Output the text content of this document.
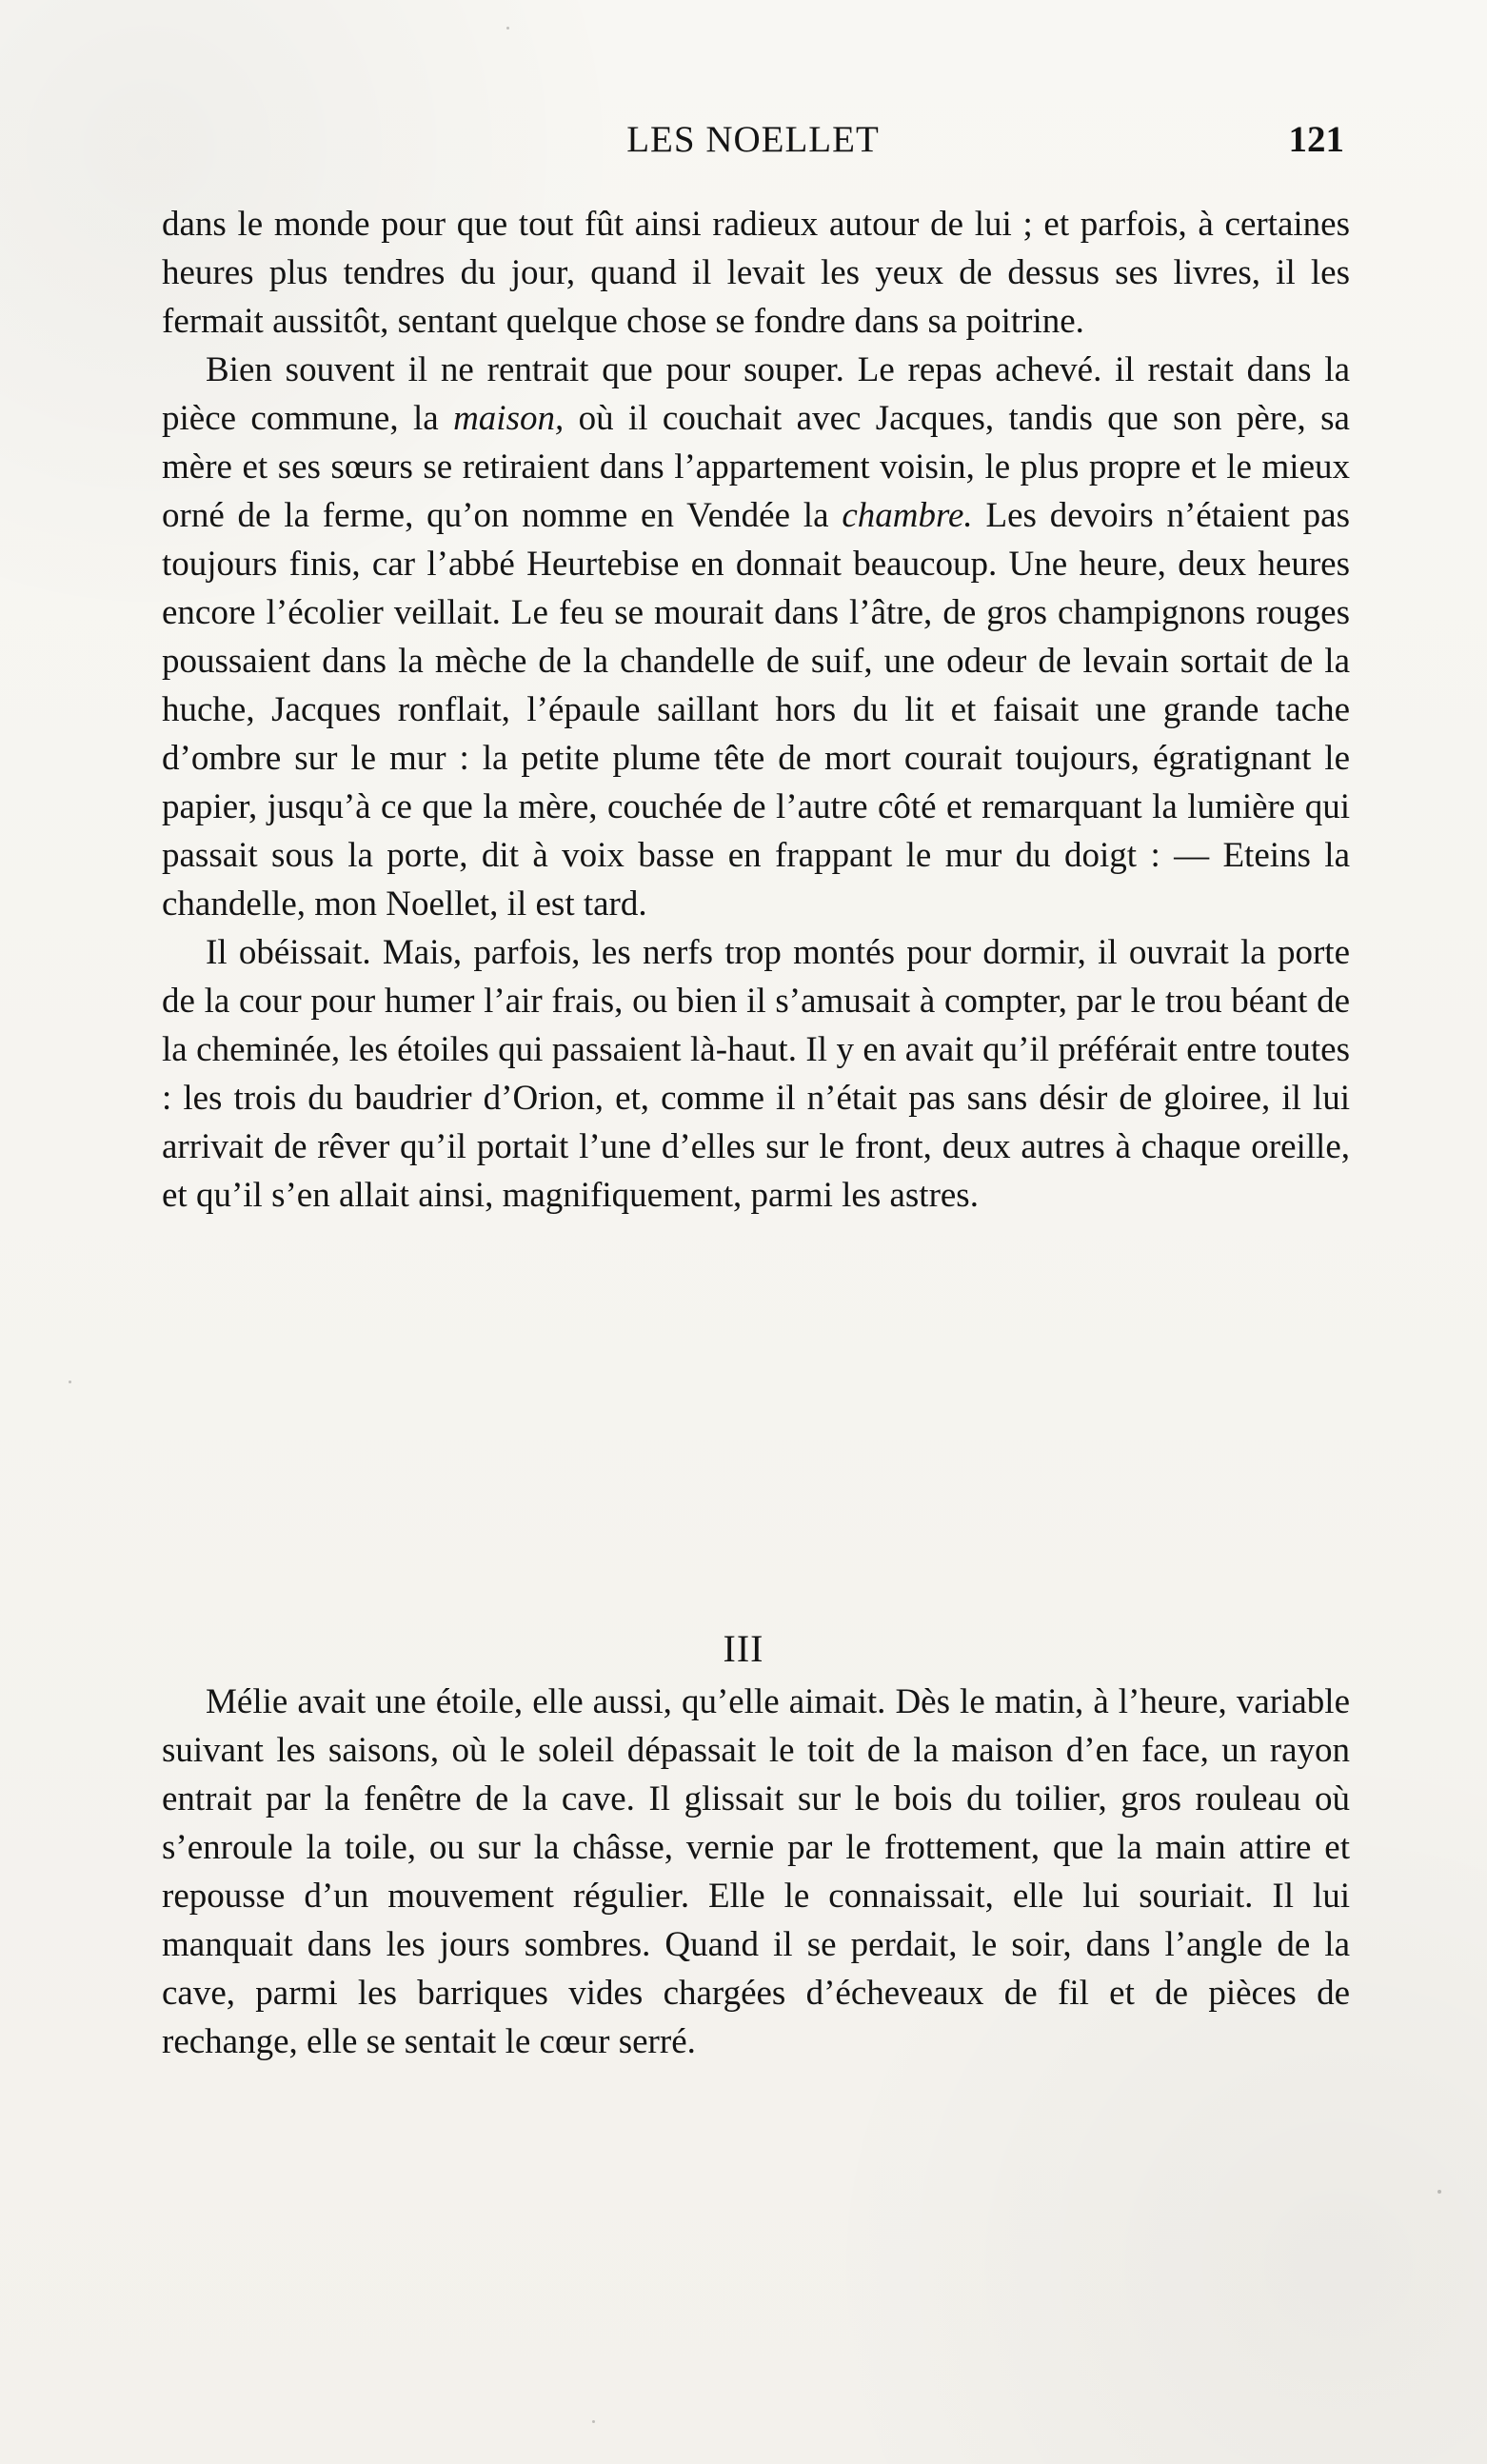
LES NOELLET	121

dans le monde pour que tout fût ainsi radieux autour de lui ; et parfois, à certaines heures plus tendres du jour, quand il levait les yeux de dessus ses livres, il les fermait aussitôt, sentant quelque chose se fondre dans sa poitrine.

Bien souvent il ne rentrait que pour souper. Le repas achevé. il restait dans la pièce commune, la maison, où il couchait avec Jacques, tandis que son père, sa mère et ses sœurs se retiraient dans l’appartement voisin, le plus propre et le mieux orné de la ferme, qu’on nomme en Vendée la chambre. Les devoirs n’étaient pas toujours finis, car l’abbé Heurtebise en donnait beaucoup. Une heure, deux heures encore l’écolier veillait. Le feu se mourait dans l’âtre, de gros champignons rouges poussaient dans la mèche de la chandelle de suif, une odeur de levain sortait de la huche, Jacques ronflait, l’épaule saillant hors du lit et faisait une grande tache d’ombre sur le mur : la petite plume tête de mort courait toujours, égratignant le papier, jusqu’à ce que la mère, couchée de l’autre côté et remarquant la lumière qui passait sous la porte, dit à voix basse en frappant le mur du doigt : — Eteins la chandelle, mon Noellet, il est tard.

Il obéissait. Mais, parfois, les nerfs trop montés pour dormir, il ouvrait la porte de la cour pour humer l’air frais, ou bien il s’amusait à compter, par le trou béant de la cheminée, les étoiles qui passaient là-haut. Il y en avait qu’il préférait entre toutes : les trois du baudrier d’Orion, et, comme il n’était pas sans désir de gloiree, il lui arrivait de rêver qu’il portait l’une d’elles sur le front, deux autres à chaque oreille, et qu’il s’en allait ainsi, magnifiquement, parmi les astres.

III

Mélie avait une étoile, elle aussi, qu’elle aimait. Dès le matin, à l’heure, variable suivant les saisons, où le soleil dépassait le toit de la maison d’en face, un rayon entrait par la fenêtre de la cave. Il glissait sur le bois du toilier, gros rouleau où s’enroule la toile, ou sur la châsse, vernie par le frottement, que la main attire et repousse d’un mouvement régulier. Elle le connaissait, elle lui souriait. Il lui manquait dans les jours sombres. Quand il se perdait, le soir, dans l’angle de la cave, parmi les barriques vides chargées d’écheveaux de fil et de pièces de rechange, elle se sentait le cœur serré.
